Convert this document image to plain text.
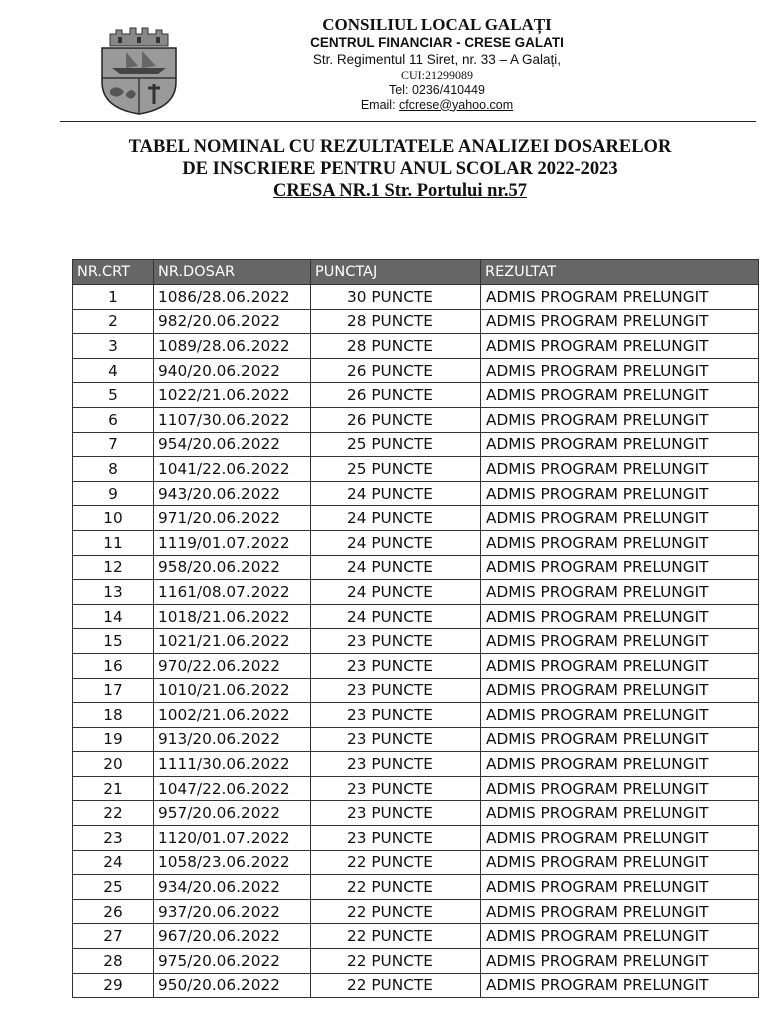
CONSILIUL LOCAL GALAȚI
CENTRUL FINANCIAR - CRESE GALATI
Str. Regimentul 11 Siret, nr. 33 – A Galați,
CUI:21299089
Tel: 0236/410449
Email: cfcrese@yahoo.com
TABEL NOMINAL CU REZULTATELE ANALIZEI DOSARELOR
DE INSCRIERE PENTRU ANUL SCOLAR 2022-2023
CRESA NR.1 Str. Portului nr.57
NR.CRT	NR.DOSAR	PUNCTAJ	REZULTAT
1	1086/28.06.2022	30 PUNCTE	ADMIS PROGRAM PRELUNGIT
2	982/20.06.2022	28 PUNCTE	ADMIS PROGRAM PRELUNGIT
3	1089/28.06.2022	28 PUNCTE	ADMIS PROGRAM PRELUNGIT
4	940/20.06.2022	26 PUNCTE	ADMIS PROGRAM PRELUNGIT
5	1022/21.06.2022	26 PUNCTE	ADMIS PROGRAM PRELUNGIT
6	1107/30.06.2022	26 PUNCTE	ADMIS PROGRAM PRELUNGIT
7	954/20.06.2022	25 PUNCTE	ADMIS PROGRAM PRELUNGIT
8	1041/22.06.2022	25 PUNCTE	ADMIS PROGRAM PRELUNGIT
9	943/20.06.2022	24 PUNCTE	ADMIS PROGRAM PRELUNGIT
10	971/20.06.2022	24 PUNCTE	ADMIS PROGRAM PRELUNGIT
11	1119/01.07.2022	24 PUNCTE	ADMIS PROGRAM PRELUNGIT
12	958/20.06.2022	24 PUNCTE	ADMIS PROGRAM PRELUNGIT
13	1161/08.07.2022	24 PUNCTE	ADMIS PROGRAM PRELUNGIT
14	1018/21.06.2022	24 PUNCTE	ADMIS PROGRAM PRELUNGIT
15	1021/21.06.2022	23 PUNCTE	ADMIS PROGRAM PRELUNGIT
16	970/22.06.2022	23 PUNCTE	ADMIS PROGRAM PRELUNGIT
17	1010/21.06.2022	23 PUNCTE	ADMIS PROGRAM PRELUNGIT
18	1002/21.06.2022	23 PUNCTE	ADMIS PROGRAM PRELUNGIT
19	913/20.06.2022	23 PUNCTE	ADMIS PROGRAM PRELUNGIT
20	1111/30.06.2022	23 PUNCTE	ADMIS PROGRAM PRELUNGIT
21	1047/22.06.2022	23 PUNCTE	ADMIS PROGRAM PRELUNGIT
22	957/20.06.2022	23 PUNCTE	ADMIS PROGRAM PRELUNGIT
23	1120/01.07.2022	23 PUNCTE	ADMIS PROGRAM PRELUNGIT
24	1058/23.06.2022	22 PUNCTE	ADMIS PROGRAM PRELUNGIT
25	934/20.06.2022	22 PUNCTE	ADMIS PROGRAM PRELUNGIT
26	937/20.06.2022	22 PUNCTE	ADMIS PROGRAM PRELUNGIT
27	967/20.06.2022	22 PUNCTE	ADMIS PROGRAM PRELUNGIT
28	975/20.06.2022	22 PUNCTE	ADMIS PROGRAM PRELUNGIT
29	950/20.06.2022	22 PUNCTE	ADMIS PROGRAM PRELUNGIT
